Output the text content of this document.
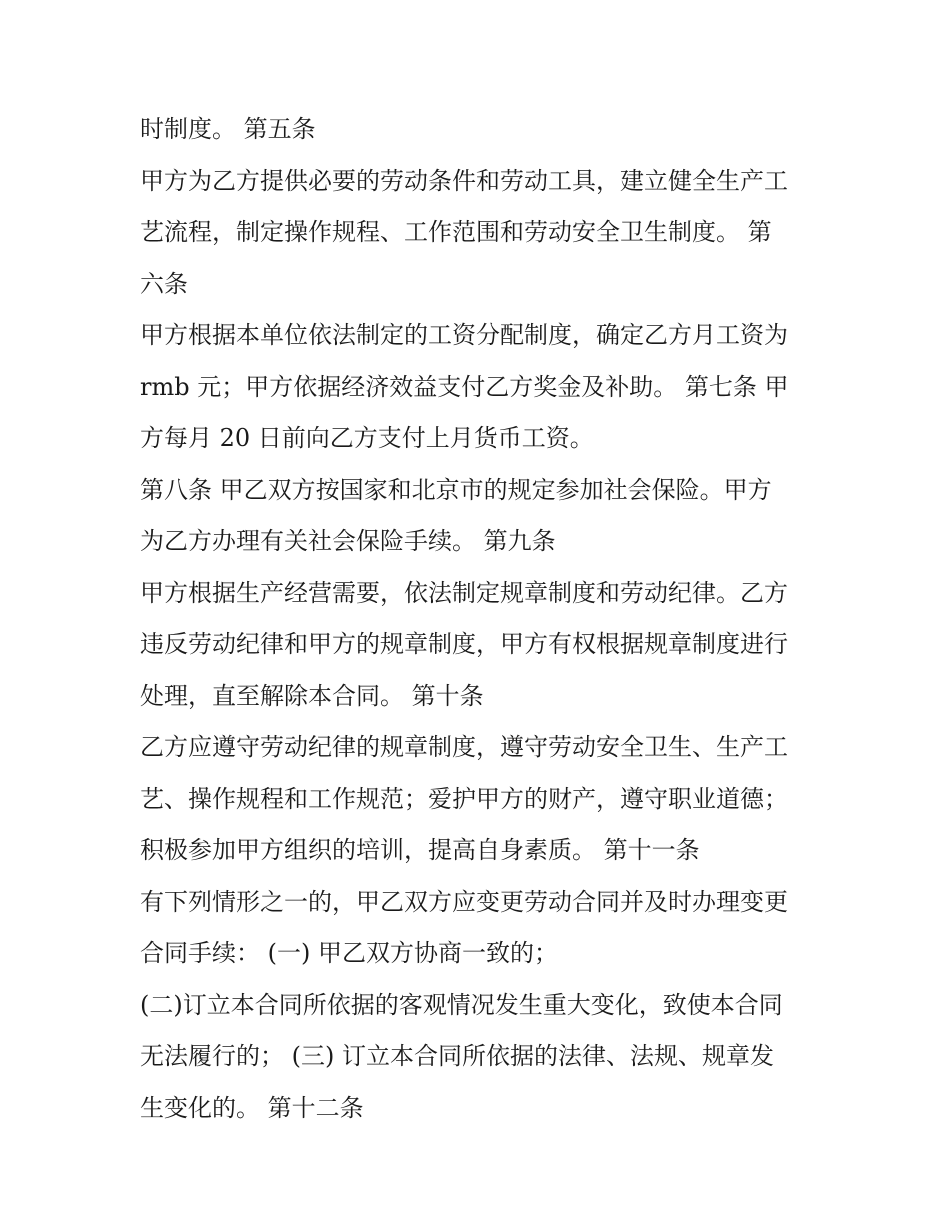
时制度。 第五条
甲方为乙方提供必要的劳动条件和劳动工具，建立健全生产工
艺流程，制定操作规程、工作范围和劳动安全卫生制度。 第
六条
甲方根据本单位依法制定的工资分配制度，确定乙方月工资为
rmb 元；甲方依据经济效益支付乙方奖金及补助。 第七条 甲
方每月 20 日前向乙方支付上月货币工资。
第八条 甲乙双方按国家和北京市的规定参加社会保险。甲方
为乙方办理有关社会保险手续。 第九条
甲方根据生产经营需要，依法制定规章制度和劳动纪律。乙方
违反劳动纪律和甲方的规章制度，甲方有权根据规章制度进行
处理，直至解除本合同。 第十条
乙方应遵守劳动纪律的规章制度，遵守劳动安全卫生、生产工
艺、操作规程和工作规范；爱护甲方的财产，遵守职业道德；
积极参加甲方组织的培训，提高自身素质。 第十一条
有下列情形之一的，甲乙双方应变更劳动合同并及时办理变更
合同手续： (一) 甲乙双方协商一致的；
(二)订立本合同所依据的客观情况发生重大变化，致使本合同
无法履行的； (三) 订立本合同所依据的法律、法规、规章发
生变化的。 第十二条
